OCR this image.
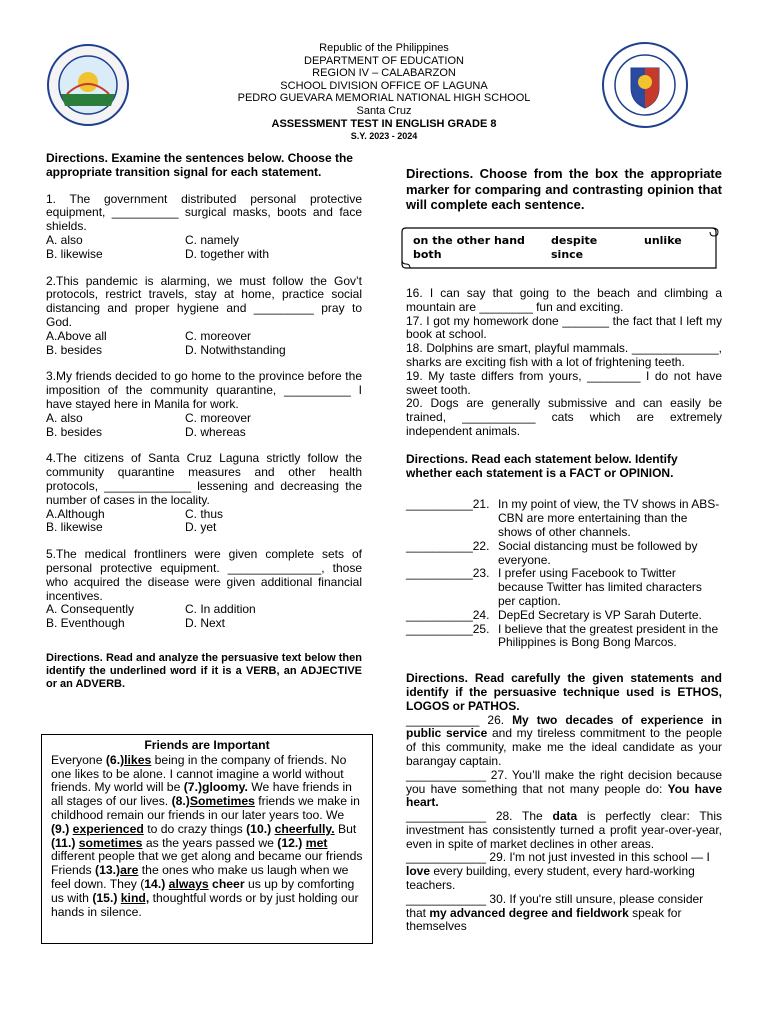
Republic of the Philippines
DEPARTMENT OF EDUCATION
REGION IV – CALABARZON
SCHOOL DIVISION OFFICE OF LAGUNA
PEDRO GUEVARA MEMORIAL NATIONAL HIGH SCHOOL
Santa Cruz
ASSESSMENT TEST IN ENGLISH GRADE 8
S.Y. 2023 - 2024

Directions. Examine the sentences below. Choose the appropriate transition signal for each statement.

1. The government distributed personal protective equipment, __________ surgical masks, boots and face shields.

A. also	C. namely
B. likewise	D. together with

2.This pandemic is alarming, we must follow the Gov’t protocols, restrict travels, stay at home, practice social distancing and proper hygiene and _________ pray to God.

A.Above all	C. moreover
B. besides	D. Notwithstanding

3.My friends decided to go home to the province before the imposition of the community quarantine, __________ I have stayed here in Manila for work.

A. also	C. moreover
B. besides	D. whereas

4.The citizens of Santa Cruz Laguna strictly follow the community quarantine measures and other health protocols, _____________ lessening and decreasing the number of cases in the locality.

A.Although	C. thus
B. likewise	D. yet

5.The medical frontliners were given complete sets of personal protective equipment. ______________, those who acquired the disease were given additional financial incentives.

A. Consequently	C. In addition
B. Eventhough	D. Next

Directions. Read and analyze the persuasive text below then identify the underlined word if it is a VERB, an ADJECTIVE or an ADVERB.

Friends are Important
Everyone (6.)likes being in the company of friends. No one likes to be alone. I cannot imagine a world without friends. My world will be (7.)gloomy. We have friends in all stages of our lives. (8.)Sometimes friends we make in childhood remain our friends in our later years too. We (9.) experienced to do crazy things (10.) cheerfully. But (11.) sometimes as the years passed we (12.) met different people that we get along and became our friends
Friends (13.)are the ones who make us laugh when we feel down. They (14.) always cheer us up by comforting us with (15.) kind, thoughtful words or by just holding our hands in silence.

Directions. Choose from the box the appropriate marker for comparing and contrasting opinion that will complete each sentence.

on the other hand	despite	unlike
both	since

16. I can say that going to the beach and climbing a mountain are ________ fun and exciting.

17. I got my homework done _______ the fact that I left my book at school.

18. Dolphins are smart, playful mammals. _____________, sharks are exciting fish with a lot of frightening teeth.

19. My taste differs from yours, ________ I do not have sweet tooth.

20. Dogs are generally submissive and can easily be trained, ___________ cats which are extremely independent animals.

Directions. Read each statement below. Identify whether each statement is a FACT or OPINION.

__________21. In my point of view, the TV shows in ABS-CBN are more entertaining than the shows of other channels.
__________22. Social distancing must be followed by everyone.
__________23. I prefer using Facebook to Twitter because Twitter has limited characters per caption.
__________24. DepEd Secretary is VP Sarah Duterte.
__________25. I believe that the greatest president in the Philippines is Bong Bong Marcos.

Directions. Read carefully the given statements and identify if the persuasive technique used is ETHOS, LOGOS or PATHOS.

___________ 26. My two decades of experience in public service and my tireless commitment to the people of this community, make me the ideal candidate as your barangay captain.
____________ 27. You’ll make the right decision because you have something that not many people do: You have heart.
____________ 28. The data is perfectly clear: This investment has consistently turned a profit year-over-year, even in spite of market declines in other areas.
____________ 29. I'm not just invested in this school — I love every building, every student, every hard-working teachers.
____________ 30. If you're still unsure, please consider that my advanced degree and fieldwork speak for themselves
